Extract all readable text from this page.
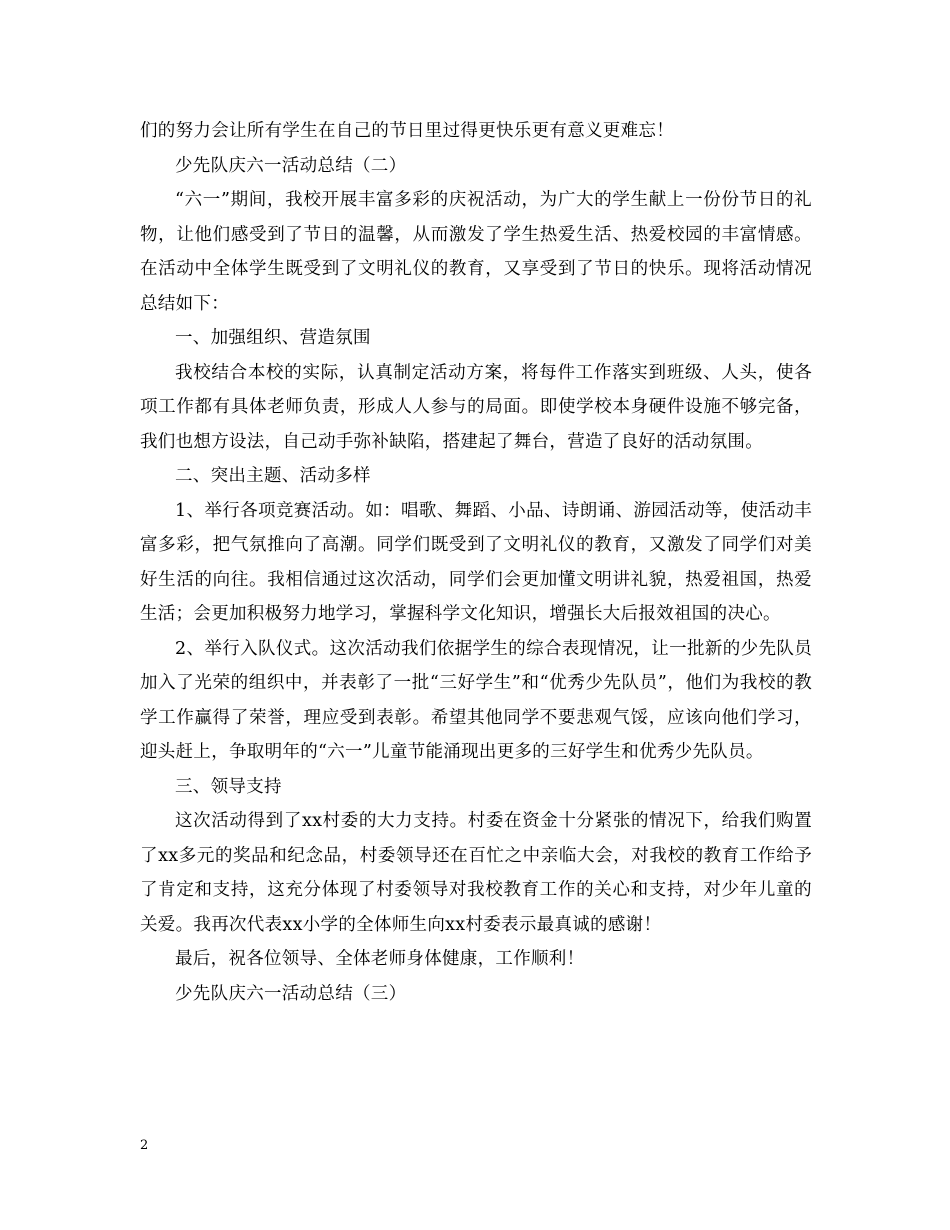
们的努力会让所有学生在自己的节日里过得更快乐更有意义更难忘！

少先队庆六一活动总结（二）

“六一”期间，我校开展丰富多彩的庆祝活动，为广大的学生献上一份份节日的礼物，让他们感受到了节日的温馨，从而激发了学生热爱生活、热爱校园的丰富情感。在活动中全体学生既受到了文明礼仪的教育，又享受到了节日的快乐。现将活动情况总结如下：

一、加强组织、营造氛围

我校结合本校的实际，认真制定活动方案，将每件工作落实到班级、人头，使各项工作都有具体老师负责，形成人人参与的局面。即使学校本身硬件设施不够完备，我们也想方设法，自己动手弥补缺陷，搭建起了舞台，营造了良好的活动氛围。

二、突出主题、活动多样

1、举行各项竞赛活动。如：唱歌、舞蹈、小品、诗朗诵、游园活动等，使活动丰富多彩，把气氛推向了高潮。同学们既受到了文明礼仪的教育，又激发了同学们对美好生活的向往。我相信通过这次活动，同学们会更加懂文明讲礼貌，热爱祖国，热爱生活；会更加积极努力地学习，掌握科学文化知识，增强长大后报效祖国的决心。

2、举行入队仪式。这次活动我们依据学生的综合表现情况，让一批新的少先队员加入了光荣的组织中，并表彰了一批“三好学生”和“优秀少先队员”，他们为我校的教学工作赢得了荣誉，理应受到表彰。希望其他同学不要悲观气馁，应该向他们学习，迎头赶上，争取明年的“六一”儿童节能涌现出更多的三好学生和优秀少先队员。

三、领导支持

这次活动得到了xx村委的大力支持。村委在资金十分紧张的情况下，给我们购置了xx多元的奖品和纪念品，村委领导还在百忙之中亲临大会，对我校的教育工作给予了肯定和支持，这充分体现了村委领导对我校教育工作的关心和支持，对少年儿童的关爱。我再次代表xx小学的全体师生向xx村委表示最真诚的感谢！

最后，祝各位领导、全体老师身体健康，工作顺利！

少先队庆六一活动总结（三）

2
